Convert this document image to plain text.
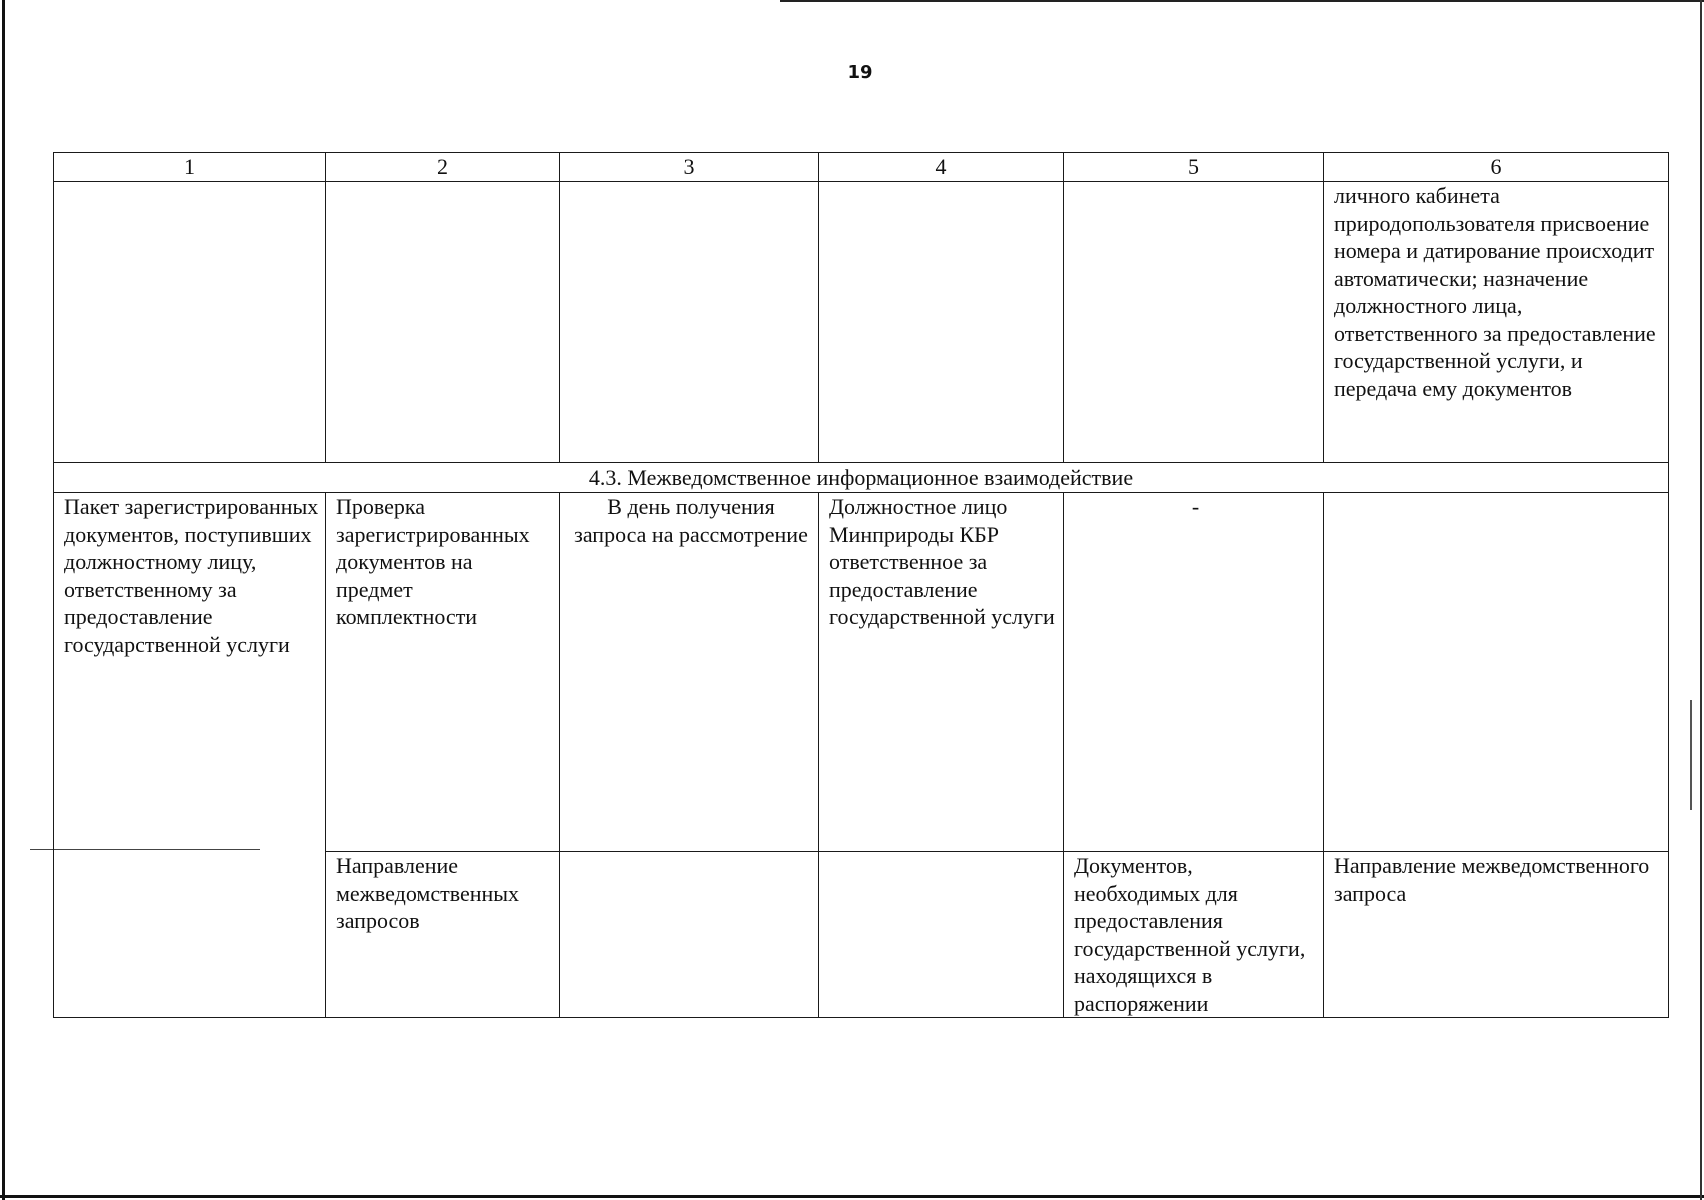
19
1	2	3	4	5	6
					личного кабинета природопользователя присвоение номера и датирование происходит автоматически; назначение должностного лица, ответственного за предоставление государственной услуги, и передача ему документов
4.3. Межведомственное информационное взаимодействие					
Пакет зарегистрированных документов, поступивших должностному лицу, ответственному за предоставление государственной услуги	Проверка зарегистрированных документов на предмет комплектности	В день получения запроса на рассмотрение	Должностное лицо Минприроды КБР ответственное за предоставление государственной услуги	-	
	Направление межведомственных запросов			Документов, необходимых для предоставления государственной услуги, находящихся в распоряжении	Направление межведомственного запроса
